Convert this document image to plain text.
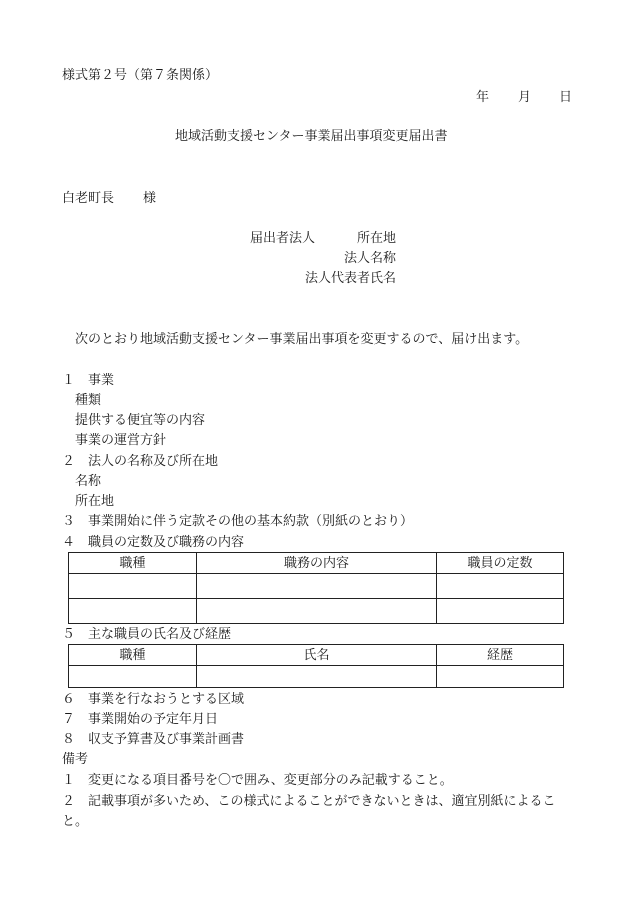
様式第２号（第７条関係）
年 月 日
地域活動支援センター事業届出事項変更届出書
白老町長 様
届出者法人	所在地
法人名称
法人代表者氏名
次のとおり地域活動支援センター事業届出事項を変更するので、届け出ます。
１ 事業
種類
提供する便宜等の内容
事業の運営方針
２ 法人の名称及び所在地
名称
所在地
３ 事業開始に伴う定款その他の基本約款（別紙のとおり）
４ 職員の定数及び職務の内容
職種	職務の内容	職員の定数

５ 主な職員の氏名及び経歴
職種	氏名	経歴

６ 事業を行なおうとする区域
７ 事業開始の予定年月日
８ 収支予算書及び事業計画書
備考
１ 変更になる項目番号を〇で囲み、変更部分のみ記載すること。
２ 記載事項が多いため、この様式によることができないときは、適宜別紙によるこ
と。
